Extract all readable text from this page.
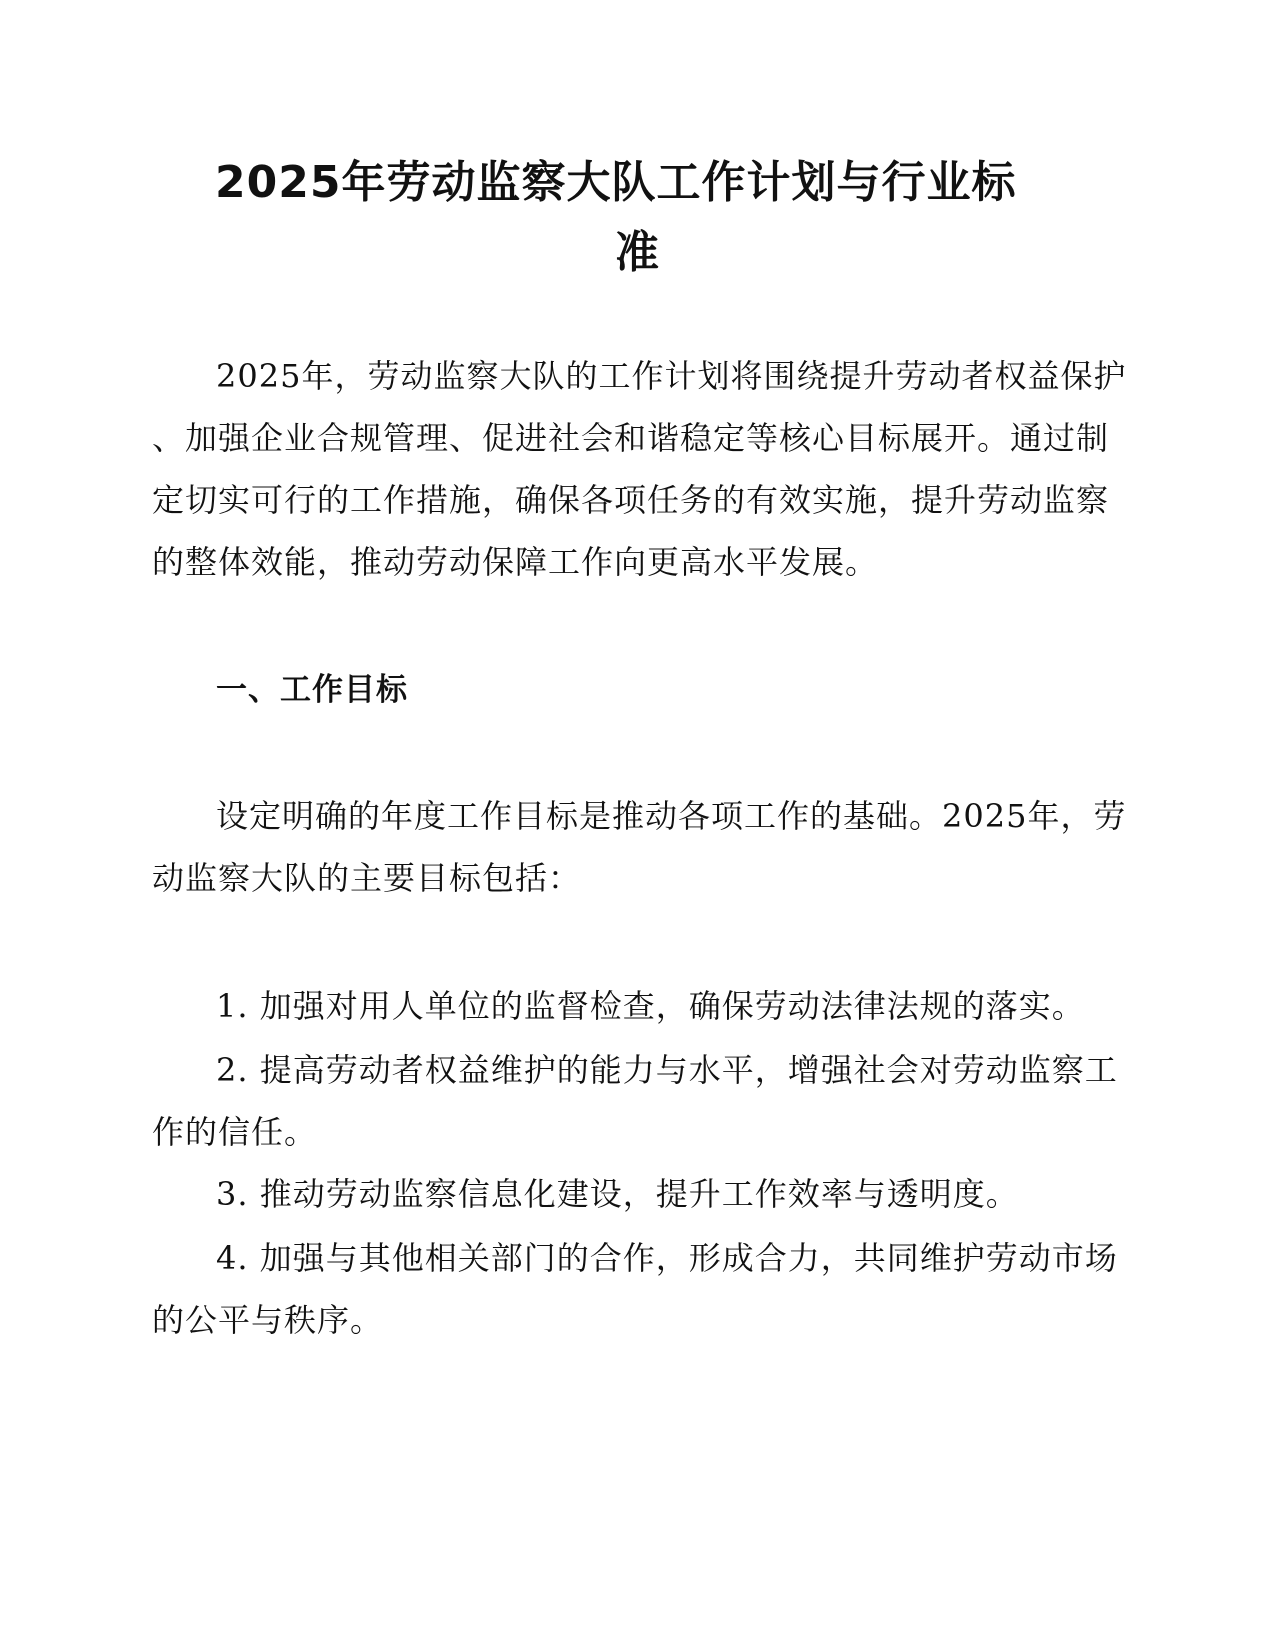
2025年劳动监察大队工作计划与行业标
准
2025年，劳动监察大队的工作计划将围绕提升劳动者权益保护
、加强企业合规管理、促进社会和谐稳定等核心目标展开。通过制
定切实可行的工作措施，确保各项任务的有效实施，提升劳动监察
的整体效能，推动劳动保障工作向更高水平发展。
一、工作目标
设定明确的年度工作目标是推动各项工作的基础。2025年，劳
动监察大队的主要目标包括：
1. 加强对用人单位的监督检查，确保劳动法律法规的落实。
2. 提高劳动者权益维护的能力与水平，增强社会对劳动监察工
作的信任。
3. 推动劳动监察信息化建设，提升工作效率与透明度。
4. 加强与其他相关部门的合作，形成合力，共同维护劳动市场
的公平与秩序。
